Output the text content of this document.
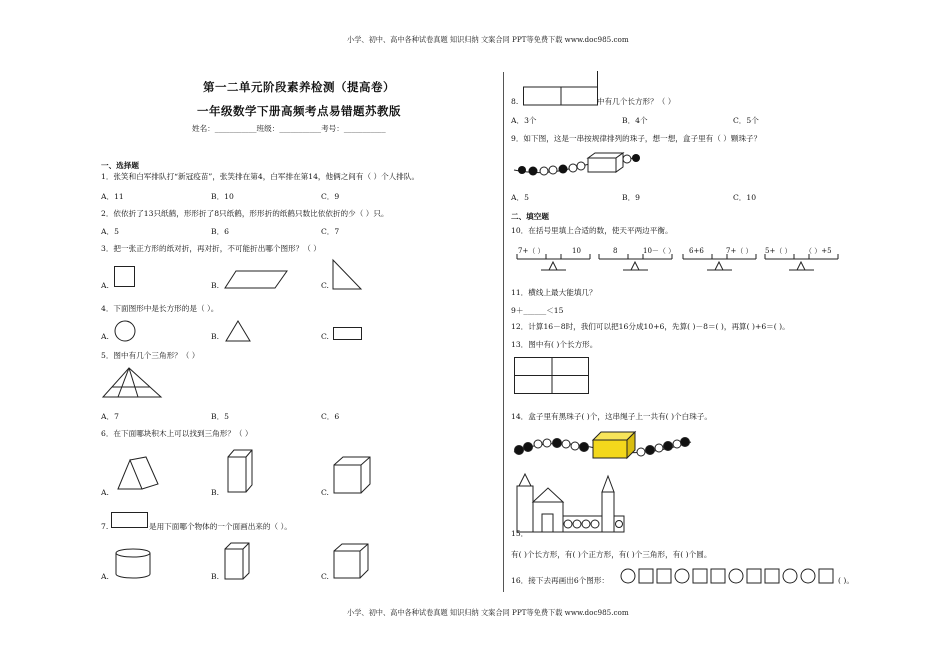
小学、初中、高中各种试卷真题 知识归纳 文案合同 PPT等免费下载 www.doc985.com
小学、初中、高中各种试卷真题 知识归纳 文案合同 PPT等免费下载 www.doc985.com
第一二单元阶段素养检测（提高卷）
一年级数学下册高频考点易错题苏教版
姓名：___________班级：___________考号：___________
一、选择题
1．张笑和白军排队打“新冠疫苗”，张笑排在第4，白军排在第14，他俩之间有（ ）个人排队。
A．11	B．10	C．9
2．依依折了13只纸鹤，形形折了8只纸鹤，形形折的纸鹤只数比依依折的少（ ）只。
A．5	B．6	C．7
3．把一张正方形的纸对折，再对折，不可能折出哪个图形？（ ）
A.	B.	C.
4．下面图形中是长方形的是（ ）。
A.	B.	C.
5．图中有几个三角形？（ ）
A．7	B．5	C．6
6．在下面哪块积木上可以找到三角形？（ ）
A.	B.	C.
7.	是用下面哪个物体的一个面画出来的（ ）。
A.	B.	C.
8.	中有几个长方形？（ ）
A．3个	B．4个	C．5个
9．如下图，这是一串按规律排列的珠子，想一想，盒子里有（ ）颗珠子？
A．5	B．9	C．10
二、填空题
10．在括号里填上合适的数，使天平两边平衡。
7+（ ）	10	8	10－（ ） 6+6	7+（ ） 5+（ ） （ ）+5
11．横线上最大能填几？
9＋______＜15
12．计算16－8时，我们可以把16分成10+6，先算( )－8＝( )，再算( )+6＝( )。
13．图中有( )个长方形。
14．盒子里有黑珠子( )个，这串绳子上一共有( )个白珠子。
15．
有( )个长方形，有( )个正方形，有( )个三角形，有( )个圆。
16．接下去再画出6个图形：	( )。
